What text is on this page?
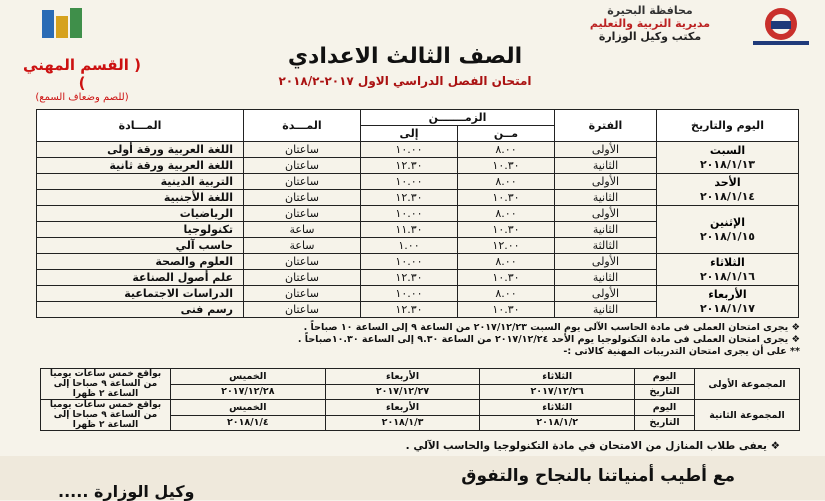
محافظة البحيرة
مديرية التربية والتعليم
مكتب وكيل الوزارة
الصف الثالث الاعدادي
امتحان الفصل الدراسي الاول ٢٠١٧-٢٠١٨/٢
( القسم المهني )
(للصم وضعاف السمع)
اليوم والتاريخ	الفترة	الزمـــــــن		المـــدة	المـــادة
		مــن	إلى		

السبت
٢٠١٨/١/١٣	الأولى	٨.٠٠	١٠.٠٠	ساعتان	اللغة العربية ورقة أولى
	الثانية	١٠.٣٠	١٢.٣٠	ساعتان	اللغة العربية ورقة ثانية

الأحد
٢٠١٨/١/١٤	الأولى	٨.٠٠	١٠.٠٠	ساعتان	التربية الدينية
	الثانية	١٠.٣٠	١٢.٣٠	ساعتان	اللغة الأجنبية

الإثنين
٢٠١٨/١/١٥	الأولى	٨.٠٠	١٠.٠٠	ساعتان	الرياضيات
	الثانية	١٠.٣٠	١١.٣٠	ساعة	تكنولوجيا
	الثالثة	١٢.٠٠	١.٠٠	ساعة	حاسب آلي

الثلاثاء
٢٠١٨/١/١٦	الأولى	٨.٠٠	١٠.٠٠	ساعتان	العلوم والصحة
	الثانية	١٠.٣٠	١٢.٣٠	ساعتان	علم أصول الصناعة

الأربعاء
٢٠١٨/١/١٧	الأولى	٨.٠٠	١٠.٠٠	ساعتان	الدراسات الاجتماعية
	الثانية	١٠.٣٠	١٢.٣٠	ساعتان	رسم فنى
❖ يجرى امتحان العملى فى مادة الحاسب الآلى يوم السبت ٢٠١٧/١٢/٢٣ من الساعة ٩ إلى الساعة ١٠ صباحاً .
❖ يجرى امتحان العملى فى مادة التكنولوجيا يوم الأحد ٢٠١٧/١٢/٢٤ من الساعة ٩.٣٠ إلى الساعة ١٠.٣٠صباحاً .
** على أن يجرى امتحان التدريبات المهنية كالاتى :-
المجموعة الأولى	اليوم	الثلاثاء	الأربعاء	الخميس	بواقع خمس ساعات يوميا من الساعة ٩ صباحا إلى الساعة ٢ ظهرا
	التاريخ	٢٠١٧/١٢/٢٦	٢٠١٧/١٢/٢٧	٢٠١٧/١٢/٢٨	
المجموعة الثانية	اليوم	الثلاثاء	الأربعاء	الخميس	بواقع خمس ساعات يوميا من الساعة ٩ صباحا إلى الساعة ٢ ظهرا
	التاريخ	٢٠١٨/١/٢	٢٠١٨/١/٣	٢٠١٨/١/٤	
❖ يعفى طلاب المنازل من الامتحان في مادة التكنولوجيا والحاسب الآلي .
مع أطيب أمنياتنا بالنجاح والتفوق
وكيل الوزارة .....
